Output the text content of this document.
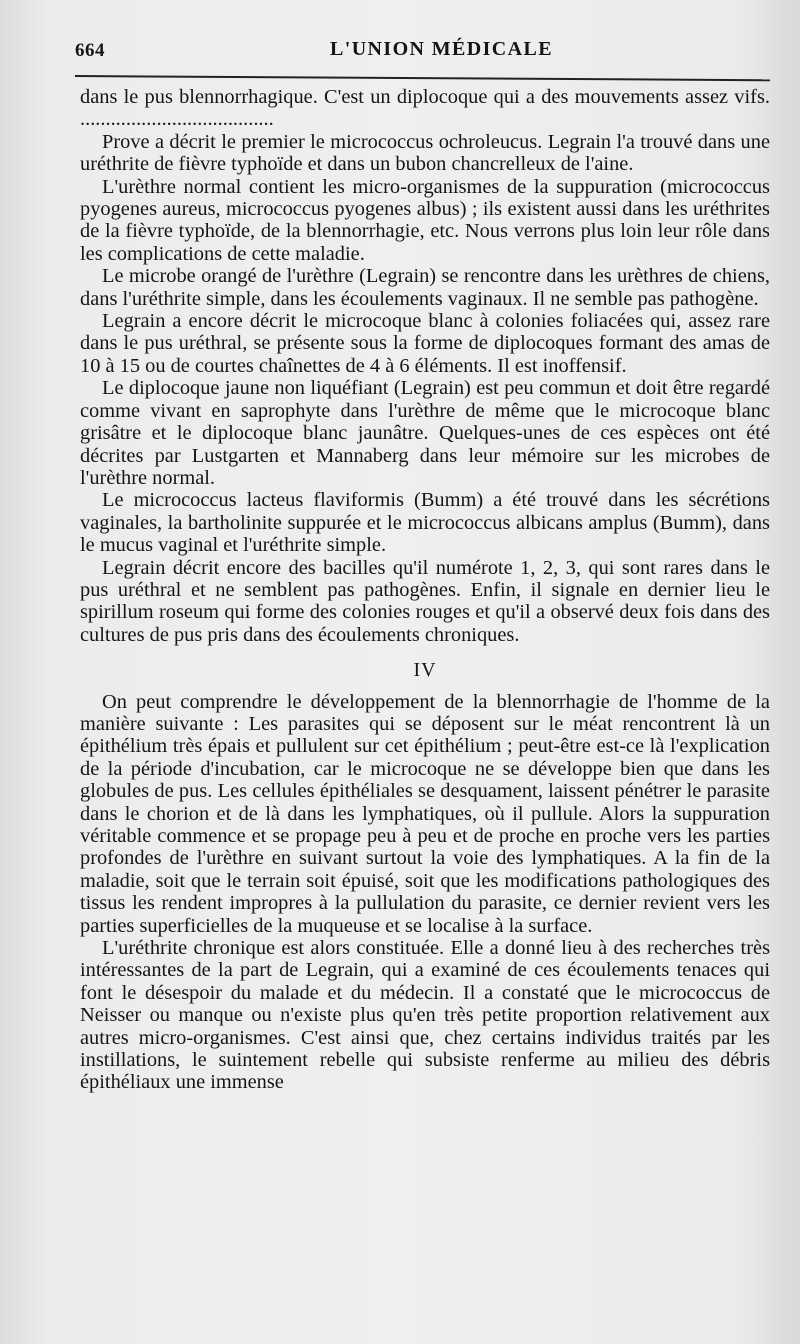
664	L'UNION MÉDICALE

dans le pus blennorrhagique. C'est un diplocoque qui a des mouvements assez vifs. ......................................

Prove a décrit le premier le micrococcus ochroleucus. Legrain l'a trouvé dans une uréthrite de fièvre typhoïde et dans un bubon chancrelleux de l'aine.

L'urèthre normal contient les micro-organismes de la suppuration (micrococcus pyogenes aureus, micrococcus pyogenes albus) ; ils existent aussi dans les uréthrites de la fièvre typhoïde, de la blennorrhagie, etc. Nous verrons plus loin leur rôle dans les complications de cette maladie.

Le microbe orangé de l'urèthre (Legrain) se rencontre dans les urèthres de chiens, dans l'uréthrite simple, dans les écoulements vaginaux. Il ne semble pas pathogène.

Legrain a encore décrit le microcoque blanc à colonies foliacées qui, assez rare dans le pus uréthral, se présente sous la forme de diplocoques formant des amas de 10 à 15 ou de courtes chaînettes de 4 à 6 éléments. Il est inoffensif.

Le diplocoque jaune non liquéfiant (Legrain) est peu commun et doit être regardé comme vivant en saprophyte dans l'urèthre de même que le microcoque blanc grisâtre et le diplocoque blanc jaunâtre. Quelques-unes de ces espèces ont été décrites par Lustgarten et Mannaberg dans leur mémoire sur les microbes de l'urèthre normal.

Le micrococcus lacteus flaviformis (Bumm) a été trouvé dans les sécrétions vaginales, la bartholinite suppurée et le micrococcus albicans amplus (Bumm), dans le mucus vaginal et l'uréthrite simple.

Legrain décrit encore des bacilles qu'il numérote 1, 2, 3, qui sont rares dans le pus uréthral et ne semblent pas pathogènes. Enfin, il signale en dernier lieu le spirillum roseum qui forme des colonies rouges et qu'il a observé deux fois dans des cultures de pus pris dans des écoulements chroniques.

IV

On peut comprendre le développement de la blennorrhagie de l'homme de la manière suivante : Les parasites qui se déposent sur le méat rencontrent là un épithélium très épais et pullulent sur cet épithélium ; peut-être est-ce là l'explication de la période d'incubation, car le microcoque ne se développe bien que dans les globules de pus. Les cellules épithéliales se desquament, laissent pénétrer le parasite dans le chorion et de là dans les lymphatiques, où il pullule. Alors la suppuration véritable commence et se propage peu à peu et de proche en proche vers les parties profondes de l'urèthre en suivant surtout la voie des lymphatiques. A la fin de la maladie, soit que le terrain soit épuisé, soit que les modifications pathologiques des tissus les rendent impropres à la pullulation du parasite, ce dernier revient vers les parties superficielles de la muqueuse et se localise à la surface.

L'uréthrite chronique est alors constituée. Elle a donné lieu à des recherches très intéressantes de la part de Legrain, qui a examiné de ces écoulements tenaces qui font le désespoir du malade et du médecin. Il a constaté que le micrococcus de Neisser ou manque ou n'existe plus qu'en très petite proportion relativement aux autres micro-organismes. C'est ainsi que, chez certains individus traités par les instillations, le suintement rebelle qui subsiste renferme au milieu des débris épithéliaux une immense
